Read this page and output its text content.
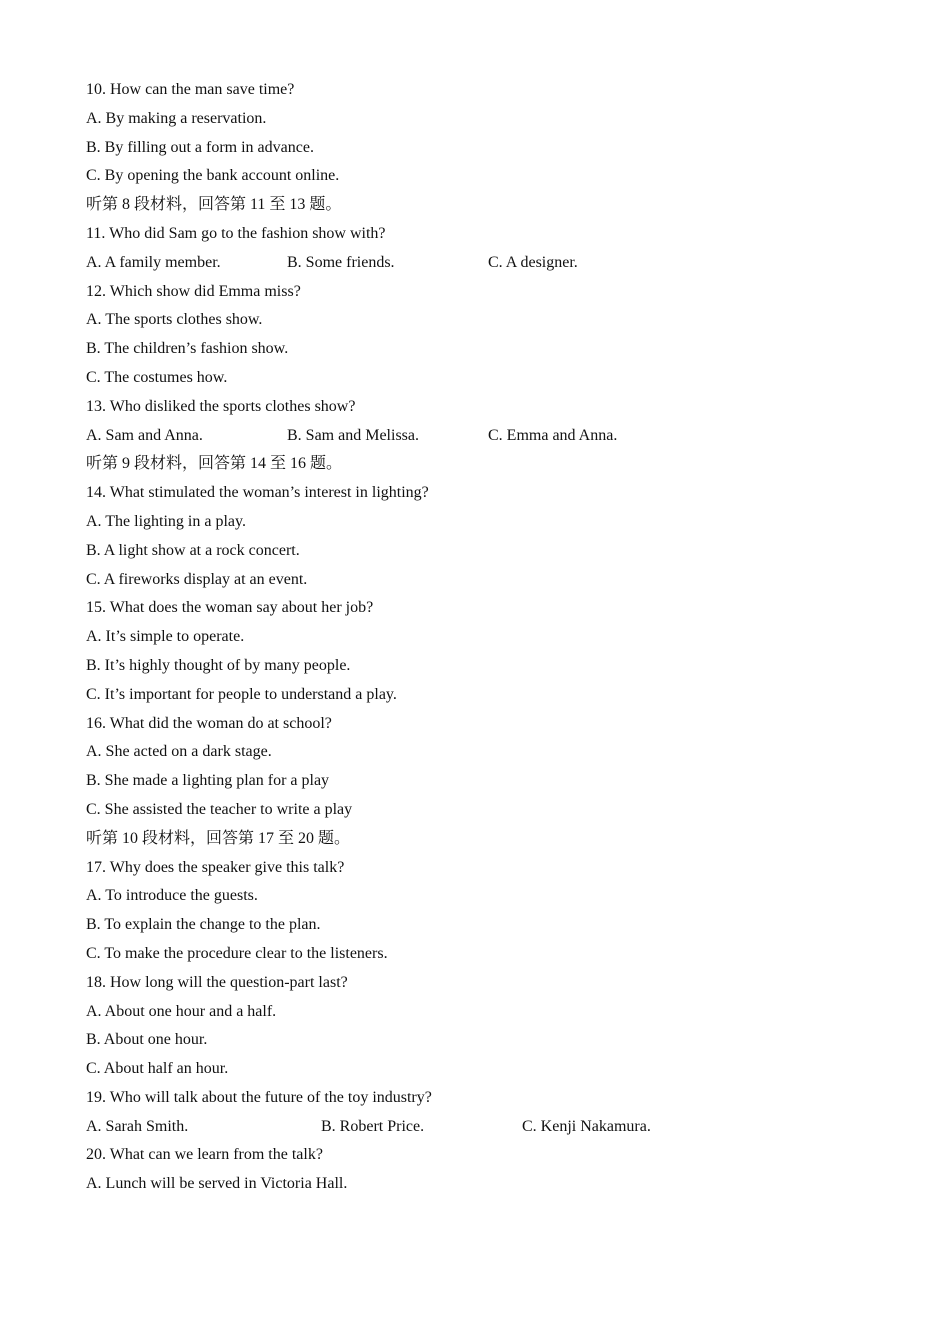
10. How can the man save time?
A. By making a reservation.
B. By filling out a form in advance.
C. By opening the bank account online.
听第 8 段材料，回答第 11 至 13 题。
11. Who did Sam go to the fashion show with?
A. A family member.	B. Some friends.	C. A designer.
12. Which show did Emma miss?
A. The sports clothes show.
B. The children’s fashion show.
C. The costumes how.
13. Who disliked the sports clothes show?
A. Sam and Anna.	B. Sam and Melissa.	C. Emma and Anna.
听第 9 段材料，回答第 14 至 16 题。
14. What stimulated the woman’s interest in lighting?
A. The lighting in a play.
B. A light show at a rock concert.
C. A fireworks display at an event.
15. What does the woman say about her job?
A. It’s simple to operate.
B. It’s highly thought of by many people.
C. It’s important for people to understand a play.
16. What did the woman do at school?
A. She acted on a dark stage.
B. She made a lighting plan for a play
C. She assisted the teacher to write a play
听第 10 段材料，回答第 17 至 20 题。
17. Why does the speaker give this talk?
A. To introduce the guests.
B. To explain the change to the plan.
C. To make the procedure clear to the listeners.
18. How long will the question-part last?
A. About one hour and a half.
B. About one hour.
C. About half an hour.
19. Who will talk about the future of the toy industry?
A. Sarah Smith.	B. Robert Price.	C. Kenji Nakamura.
20. What can we learn from the talk?
A. Lunch will be served in Victoria Hall.
